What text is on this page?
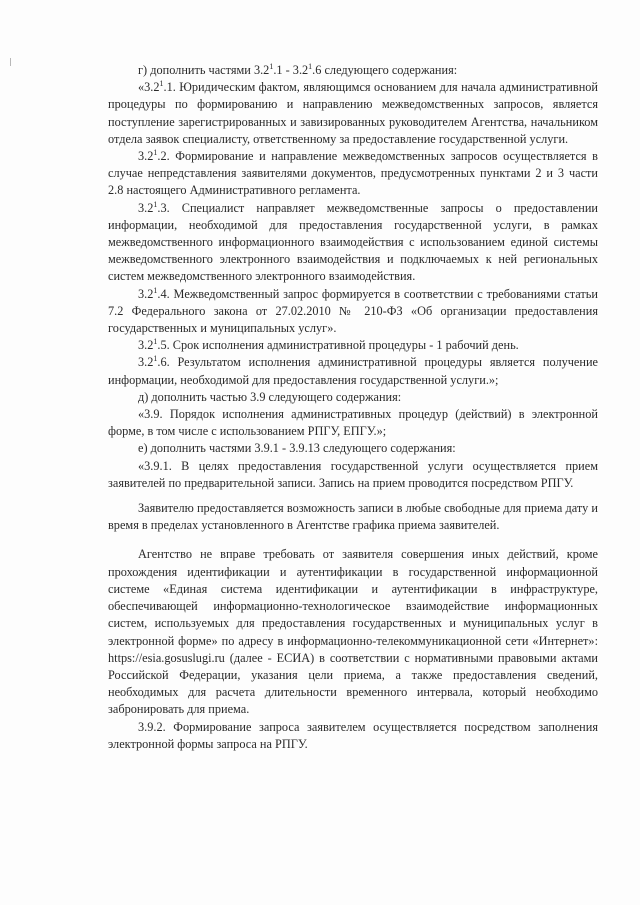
г) дополнить частями $3.2^1.1 - 3.2^1.6$ следующего содержания:

«$3.2^1.1$. Юридическим фактом, являющимся основанием для начала административной процедуры по формированию и направлению межведомственных запросов, является поступление зарегистрированных и завизированных руководителем Агентства, начальником отдела заявок специалисту, ответственному за предоставление государственной услуги.

$3.2^1.2$. Формирование и направление межведомственных запросов осуществляется в случае непредставления заявителями документов, предусмотренных пунктами 2 и 3 части 2.8 настоящего Административного регламента.

$3.2^1.3$. Специалист направляет межведомственные запросы о предоставлении информации, необходимой для предоставления государственной услуги, в рамках межведомственного информационного взаимодействия с использованием единой системы межведомственного электронного взаимодействия и подключаемых к ней региональных систем межведомственного электронного взаимодействия.

$3.2^1.4$. Межведомственный запрос формируется в соответствии с требованиями статьи 7.2 Федерального закона от 27.02.2010 № 210-ФЗ «Об организации предоставления государственных и муниципальных услуг».

$3.2^1.5$. Срок исполнения административной процедуры - 1 рабочий день.

$3.2^1.6$. Результатом исполнения административной процедуры является получение информации, необходимой для предоставления государственной услуги.»;

д) дополнить частью 3.9 следующего содержания:

«3.9. Порядок исполнения административных процедур (действий) в электронной форме, в том числе с использованием РПГУ, ЕПГУ.»;

е) дополнить частями 3.9.1 - 3.9.13 следующего содержания:

«3.9.1. В целях предоставления государственной услуги осуществляется прием заявителей по предварительной записи. Запись на прием проводится посредством РПГУ.

Заявителю предоставляется возможность записи в любые свободные для приема дату и время в пределах установленного в Агентстве графика приема заявителей.

Агентство не вправе требовать от заявителя совершения иных действий, кроме прохождения идентификации и аутентификации в государственной информационной системе «Единая система идентификации и аутентификации в инфраструктуре, обеспечивающей информационно-технологическое взаимодействие информационных систем, используемых для предоставления государственных и муниципальных услуг в электронной форме» по адресу в информационно-телекоммуникационной сети «Интернет»: https://esia.gosuslugi.ru (далее - ЕСИА) в соответствии с нормативными правовыми актами Российской Федерации, указания цели приема, а также предоставления сведений, необходимых для расчета длительности временного интервала, который необходимо забронировать для приема.

3.9.2. Формирование запроса заявителем осуществляется посредством заполнения электронной формы запроса на РПГУ.
